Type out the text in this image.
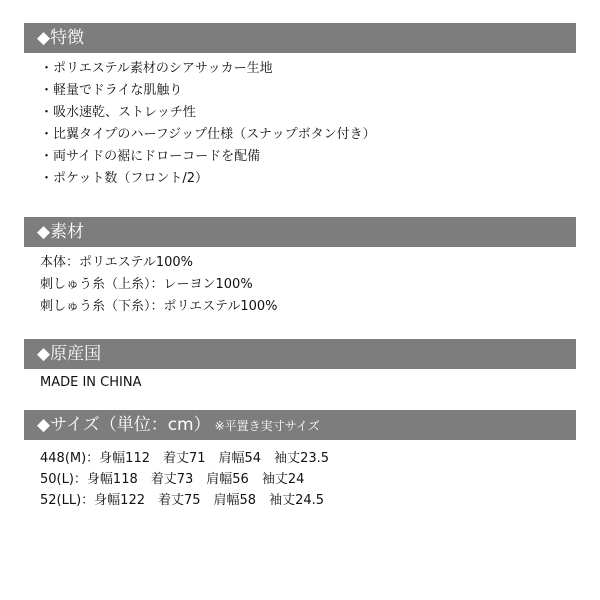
◆特徴
・ポリエステル素材のシアサッカー生地
・軽量でドライな肌触り
・吸水速乾、ストレッチ性
・比翼タイプのハーフジップ仕様（スナップボタン付き）
・両サイドの裾にドローコードを配備
・ポケット数（フロント/2）
◆素材
本体：ポリエステル100%
刺しゅう糸（上糸）：レーヨン100%
刺しゅう糸（下糸）：ポリエステル100%
◆原産国
MADE IN CHINA
◆サイズ（単位：cm） ※平置き実寸サイズ
448(M)：身幅112　着丈71　肩幅54　袖丈23.5
50(L)：身幅118　着丈73　肩幅56　袖丈24
52(LL)：身幅122　着丈75　肩幅58　袖丈24.5
